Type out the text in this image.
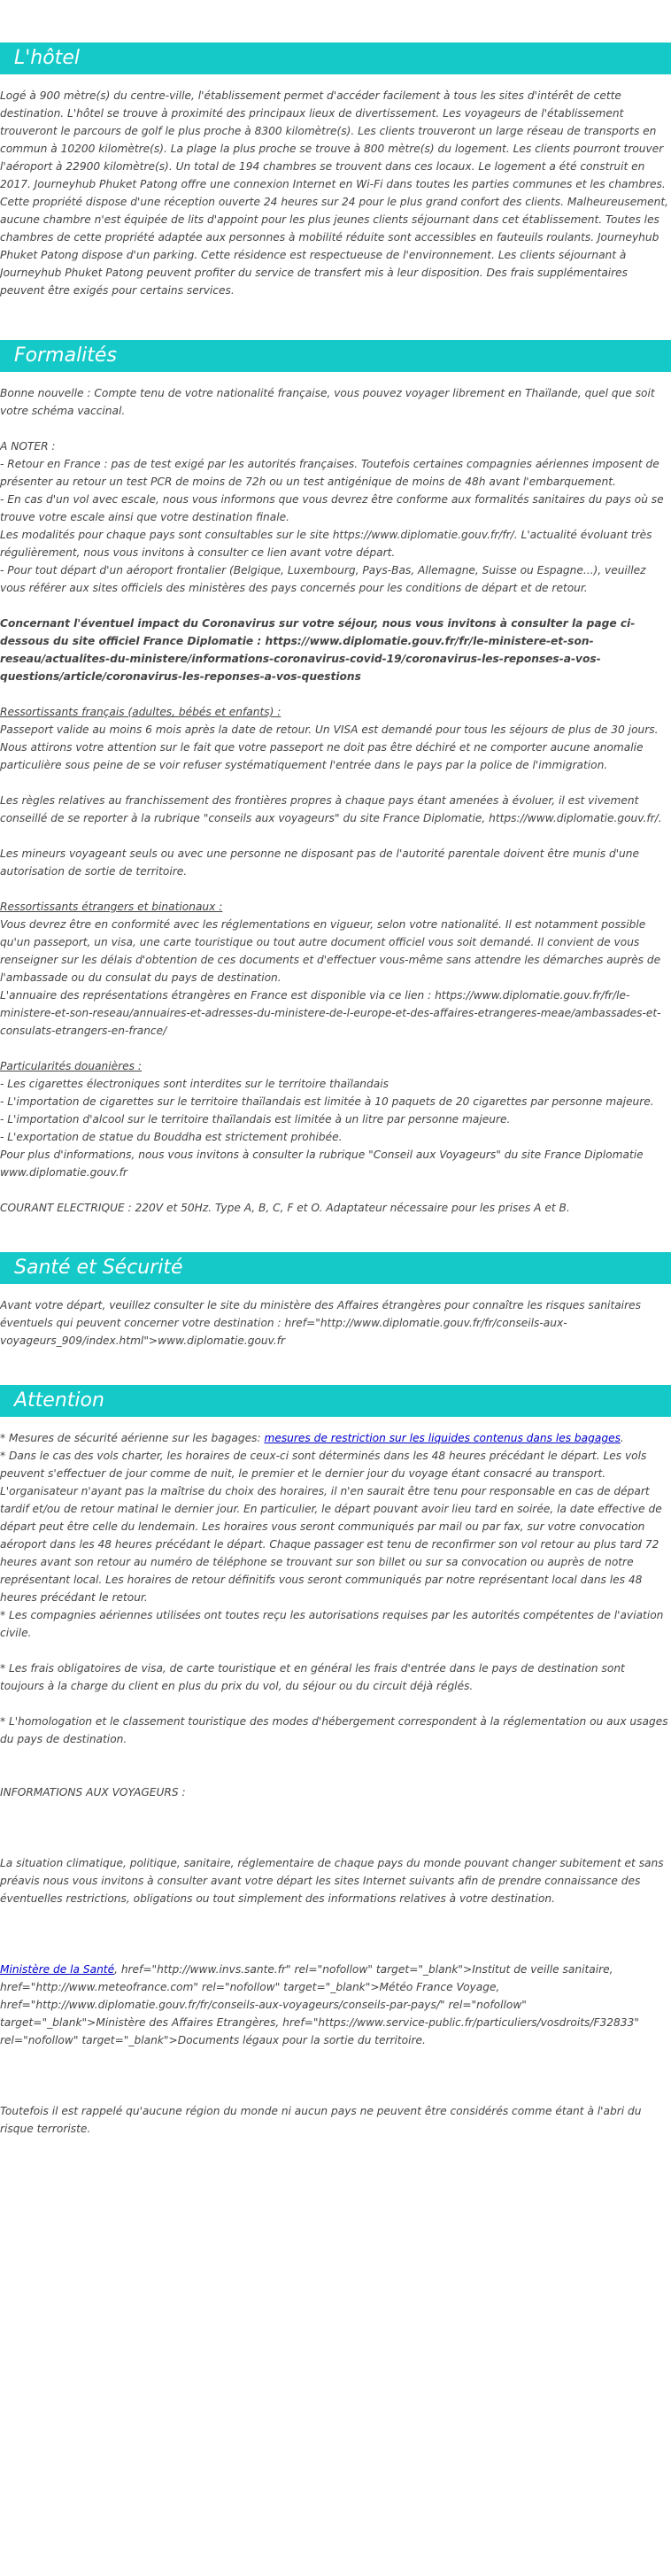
L'hôtel

Logé à 900 mètre(s) du centre-ville, l'établissement permet d'accéder facilement à tous les sites d'intérêt de cette destination. L'hôtel se trouve à proximité des principaux lieux de divertissement. Les voyageurs de l'établissement trouveront le parcours de golf le plus proche à 8300 kilomètre(s). Les clients trouveront un large réseau de transports en commun à 10200 kilomètre(s). La plage la plus proche se trouve à 800 mètre(s) du logement. Les clients pourront trouver l'aéroport à 22900 kilomètre(s). Un total de 194 chambres se trouvent dans ces locaux. Le logement a été construit en 2017. Journeyhub Phuket Patong offre une connexion Internet en Wi-Fi dans toutes les parties communes et les chambres. Cette propriété dispose d'une réception ouverte 24 heures sur 24 pour le plus grand confort des clients. Malheureusement, aucune chambre n'est équipée de lits d'appoint pour les plus jeunes clients séjournant dans cet établissement. Toutes les chambres de cette propriété adaptée aux personnes à mobilité réduite sont accessibles en fauteuils roulants. Journeyhub Phuket Patong dispose d'un parking. Cette résidence est respectueuse de l'environnement. Les clients séjournant à Journeyhub Phuket Patong peuvent profiter du service de transfert mis à leur disposition. Des frais supplémentaires peuvent être exigés pour certains services.

Formalités

Bonne nouvelle : Compte tenu de votre nationalité française, vous pouvez voyager librement en Thaïlande, quel que soit votre schéma vaccinal.

A NOTER :

- Retour en France : pas de test exigé par les autorités françaises. Toutefois certaines compagnies aériennes imposent de présenter au retour un test PCR de moins de 72h ou un test antigénique de moins de 48h avant l'embarquement.

- En cas d'un vol avec escale, nous vous informons que vous devrez être conforme aux formalités sanitaires du pays où se trouve votre escale ainsi que votre destination finale.

Les modalités pour chaque pays sont consultables sur le site https://www.diplomatie.gouv.fr/fr/. L'actualité évoluant très régulièrement, nous vous invitons à consulter ce lien avant votre départ.

- Pour tout départ d'un aéroport frontalier (Belgique, Luxembourg, Pays-Bas, Allemagne, Suisse ou Espagne...), veuillez vous référer aux sites officiels des ministères des pays concernés pour les conditions de départ et de retour.

Concernant l'éventuel impact du Coronavirus sur votre séjour, nous vous invitons à consulter la page ci-dessous du site officiel France Diplomatie : https://www.diplomatie.gouv.fr/fr/le-ministere-et-son-reseau/actualites-du-ministere/informations-coronavirus-covid-19/coronavirus-les-reponses-a-vos-questions/article/coronavirus-les-reponses-a-vos-questions

Ressortissants français (adultes, bébés et enfants) :

Passeport valide au moins 6 mois après la date de retour. Un VISA est demandé pour tous les séjours de plus de 30 jours. Nous attirons votre attention sur le fait que votre passeport ne doit pas être déchiré et ne comporter aucune anomalie particulière sous peine de se voir refuser systématiquement l'entrée dans le pays par la police de l'immigration.

Les règles relatives au franchissement des frontières propres à chaque pays étant amenées à évoluer, il est vivement conseillé de se reporter à la rubrique "conseils aux voyageurs" du site France Diplomatie, https://www.diplomatie.gouv.fr/.

Les mineurs voyageant seuls ou avec une personne ne disposant pas de l'autorité parentale doivent être munis d'une autorisation de sortie de territoire.

Ressortissants étrangers et binationaux :

Vous devrez être en conformité avec les réglementations en vigueur, selon votre nationalité. Il est notamment possible qu'un passeport, un visa, une carte touristique ou tout autre document officiel vous soit demandé. Il convient de vous renseigner sur les délais d'obtention de ces documents et d'effectuer vous-même sans attendre les démarches auprès de l'ambassade ou du consulat du pays de destination.

L'annuaire des représentations étrangères en France est disponible via ce lien : https://www.diplomatie.gouv.fr/fr/le-ministere-et-son-reseau/annuaires-et-adresses-du-ministere-de-l-europe-et-des-affaires-etrangeres-meae/ambassades-et-consulats-etrangers-en-france/

Particularités douanières :

- Les cigarettes électroniques sont interdites sur le territoire thaïlandais

- L'importation de cigarettes sur le territoire thaïlandais est limitée à 10 paquets de 20 cigarettes par personne majeure.

- L'importation d'alcool sur le territoire thaïlandais est limitée à un litre par personne majeure.

- L'exportation de statue du Bouddha est strictement prohibée.

Pour plus d'informations, nous vous invitons à consulter la rubrique "Conseil aux Voyageurs" du site France Diplomatie www.diplomatie.gouv.fr

COURANT ELECTRIQUE : 220V et 50Hz. Type A, B, C, F et O. Adaptateur nécessaire pour les prises A et B.

Santé et Sécurité

Avant votre départ, veuillez consulter le site du ministère des Affaires étrangères pour connaître les risques sanitaires éventuels qui peuvent concerner votre destination : href="http://www.diplomatie.gouv.fr/fr/conseils-aux-voyageurs_909/index.html">www.diplomatie.gouv.fr

Attention

* Mesures de sécurité aérienne sur les bagages: mesures de restriction sur les liquides contenus dans les bagages.

* Dans le cas des vols charter, les horaires de ceux-ci sont déterminés dans les 48 heures précédant le départ. Les vols peuvent s'effectuer de jour comme de nuit, le premier et le dernier jour du voyage étant consacré au transport. L'organisateur n'ayant pas la maîtrise du choix des horaires, il n'en saurait être tenu pour responsable en cas de départ tardif et/ou de retour matinal le dernier jour. En particulier, le départ pouvant avoir lieu tard en soirée, la date effective de départ peut être celle du lendemain. Les horaires vous seront communiqués par mail ou par fax, sur votre convocation aéroport dans les 48 heures précédant le départ. Chaque passager est tenu de reconfirmer son vol retour au plus tard 72 heures avant son retour au numéro de téléphone se trouvant sur son billet ou sur sa convocation ou auprès de notre représentant local. Les horaires de retour définitifs vous seront communiqués par notre représentant local dans les 48 heures précédant le retour.

* Les compagnies aériennes utilisées ont toutes reçu les autorisations requises par les autorités compétentes de l'aviation civile.

* Les frais obligatoires de visa, de carte touristique et en général les frais d'entrée dans le pays de destination sont toujours à la charge du client en plus du prix du vol, du séjour ou du circuit déjà réglés.

* L'homologation et le classement touristique des modes d'hébergement correspondent à la réglementation ou aux usages du pays de destination.

INFORMATIONS AUX VOYAGEURS :

La situation climatique, politique, sanitaire, réglementaire de chaque pays du monde pouvant changer subitement et sans préavis nous vous invitons à consulter avant votre départ les sites Internet suivants afin de prendre connaissance des éventuelles restrictions, obligations ou tout simplement des informations relatives à votre destination.

Ministère de la Santé, href="http://www.invs.sante.fr" rel="nofollow" target="_blank">Institut de veille sanitaire, href="http://www.meteofrance.com" rel="nofollow" target="_blank">Météo France Voyage, href="http://www.diplomatie.gouv.fr/fr/conseils-aux-voyageurs/conseils-par-pays/" rel="nofollow" target="_blank">Ministère des Affaires Etrangères, href="https://www.service-public.fr/particuliers/vosdroits/F32833" rel="nofollow" target="_blank">Documents légaux pour la sortie du territoire.

Toutefois il est rappelé qu'aucune région du monde ni aucun pays ne peuvent être considérés comme étant à l'abri du risque terroriste.
